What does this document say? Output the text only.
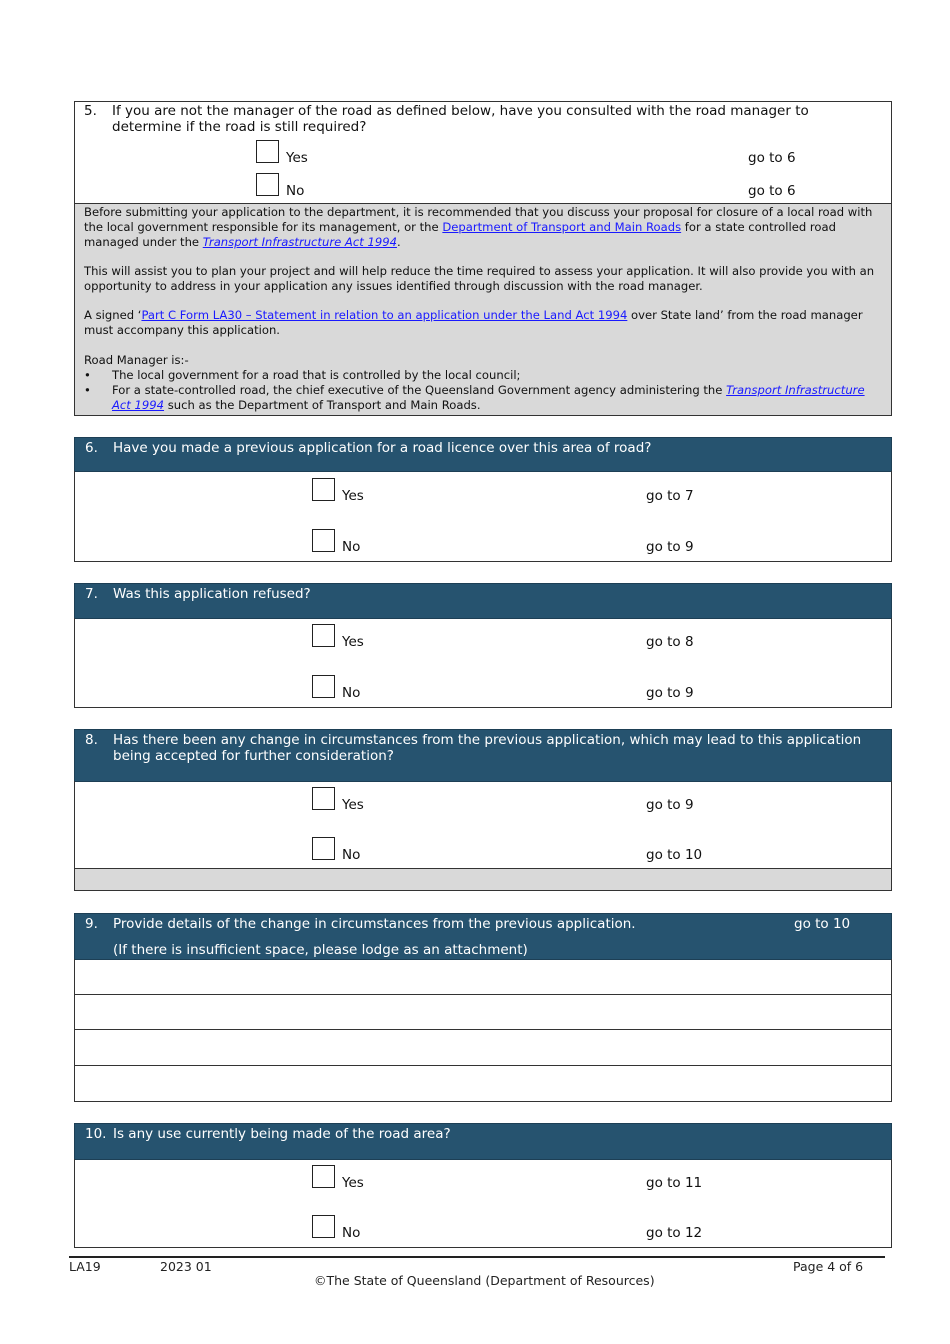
5. If you are not the manager of the road as defined below, have you consulted with the road manager to determine if the road is still required?
Yes	go to 6
No	go to 6
Before submitting your application to the department, it is recommended that you discuss your proposal for closure of a local road with the local government responsible for its management, or the Department of Transport and Main Roads for a state controlled road managed under the Transport Infrastructure Act 1994.
This will assist you to plan your project and will help reduce the time required to assess your application. It will also provide you with an opportunity to address in your application any issues identified through discussion with the road manager.
A signed ‘Part C Form LA30 – Statement in relation to an application under the Land Act 1994 over State land’ from the road manager must accompany this application.
Road Manager is:-
• The local government for a road that is controlled by the local council;
• For a state-controlled road, the chief executive of the Queensland Government agency administering the Transport Infrastructure Act 1994 such as the Department of Transport and Main Roads.
6. Have you made a previous application for a road licence over this area of road?
Yes	go to 7
No	go to 9
7. Was this application refused?
Yes	go to 8
No	go to 9
8. Has there been any change in circumstances from the previous application, which may lead to this application being accepted for further consideration?
Yes	go to 9
No	go to 10
9. Provide details of the change in circumstances from the previous application.	go to 10
(If there is insufficient space, please lodge as an attachment)
10. Is any use currently being made of the road area?
Yes	go to 11
No	go to 12
LA19	2023 01	Page 4 of 6
©The State of Queensland (Department of Resources)
